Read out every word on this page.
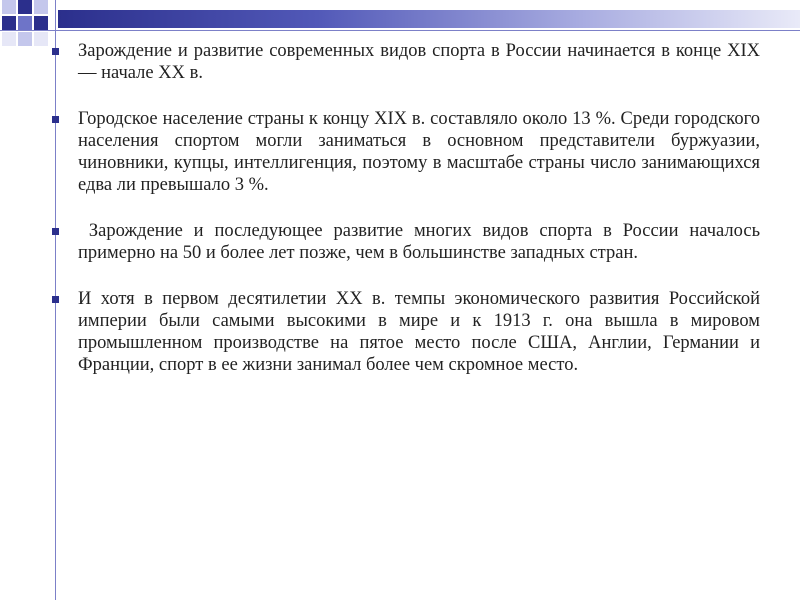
Зарождение и развитие современных видов спорта в России начинается в конце XIX — начале XX в.
Городское население страны к концу XIX в. составляло около 13 %. Среди городского населения спортом могли заниматься в основном представители буржуазии, чиновники, купцы, интеллигенция, поэтому в масштабе страны число занимающихся едва ли превышало 3 %.
Зарождение и последующее развитие многих видов спорта в России началось примерно на 50 и более лет позже, чем в большинстве западных стран.
И хотя в первом десятилетии XX в. темпы экономического развития Российской империи были самыми высокими в мире и к 1913 г. она вышла в мировом промышленном производстве на пятое место после США, Англии, Германии и Франции, спорт в ее жизни занимал более чем скромное место.
